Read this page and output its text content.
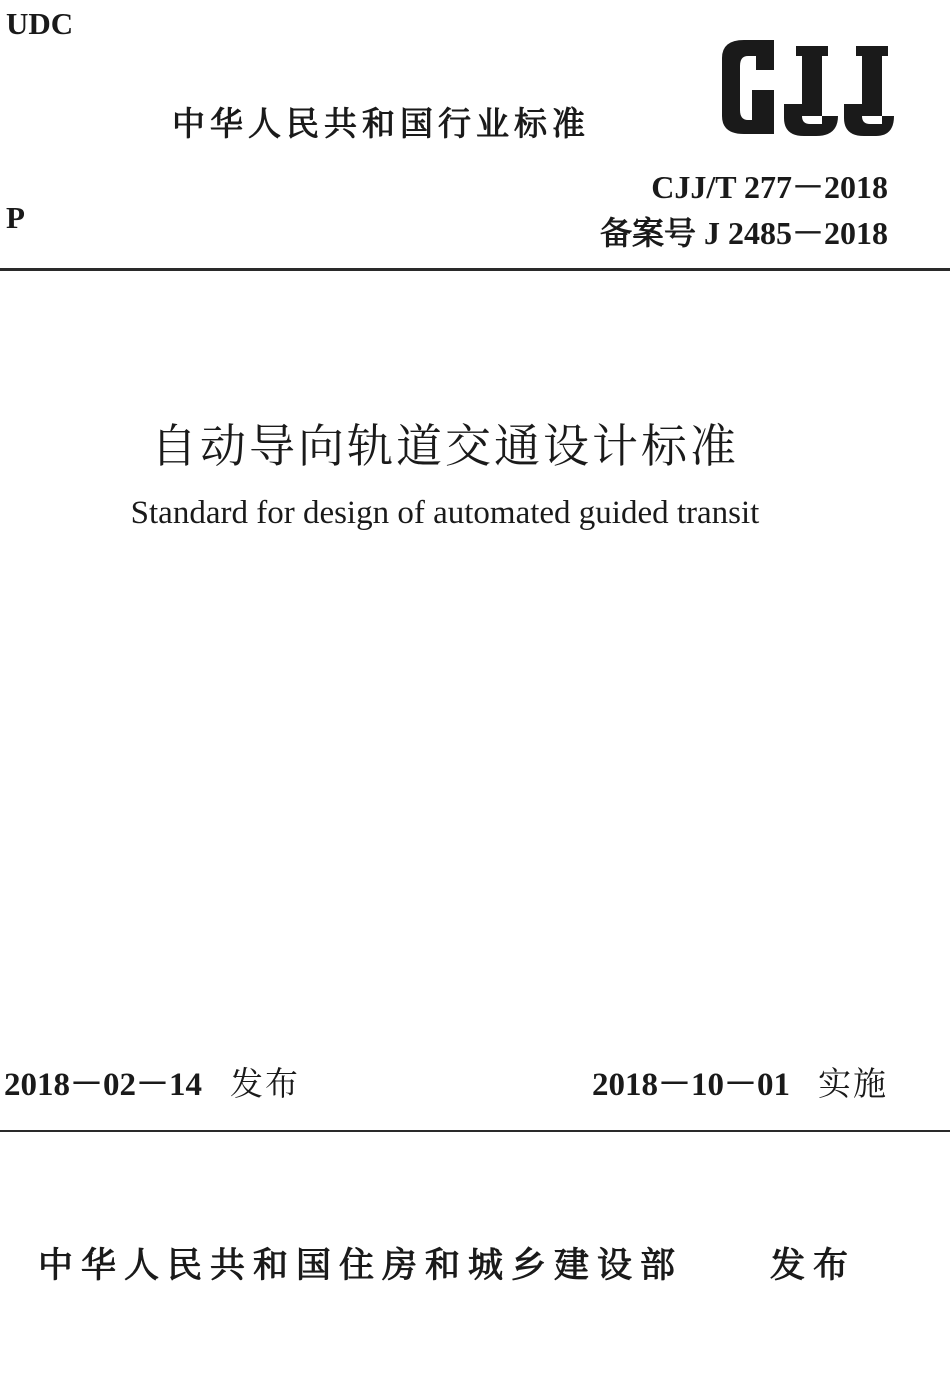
UDC
中华人民共和国行业标准
CJJ/T 277－2018
P	备案号 J 2485－2018
自动导向轨道交通设计标准
Standard for design of automated guided transit
2018－02－14 发布	2018－10－01 实施
中华人民共和国住房和城乡建设部 发布
